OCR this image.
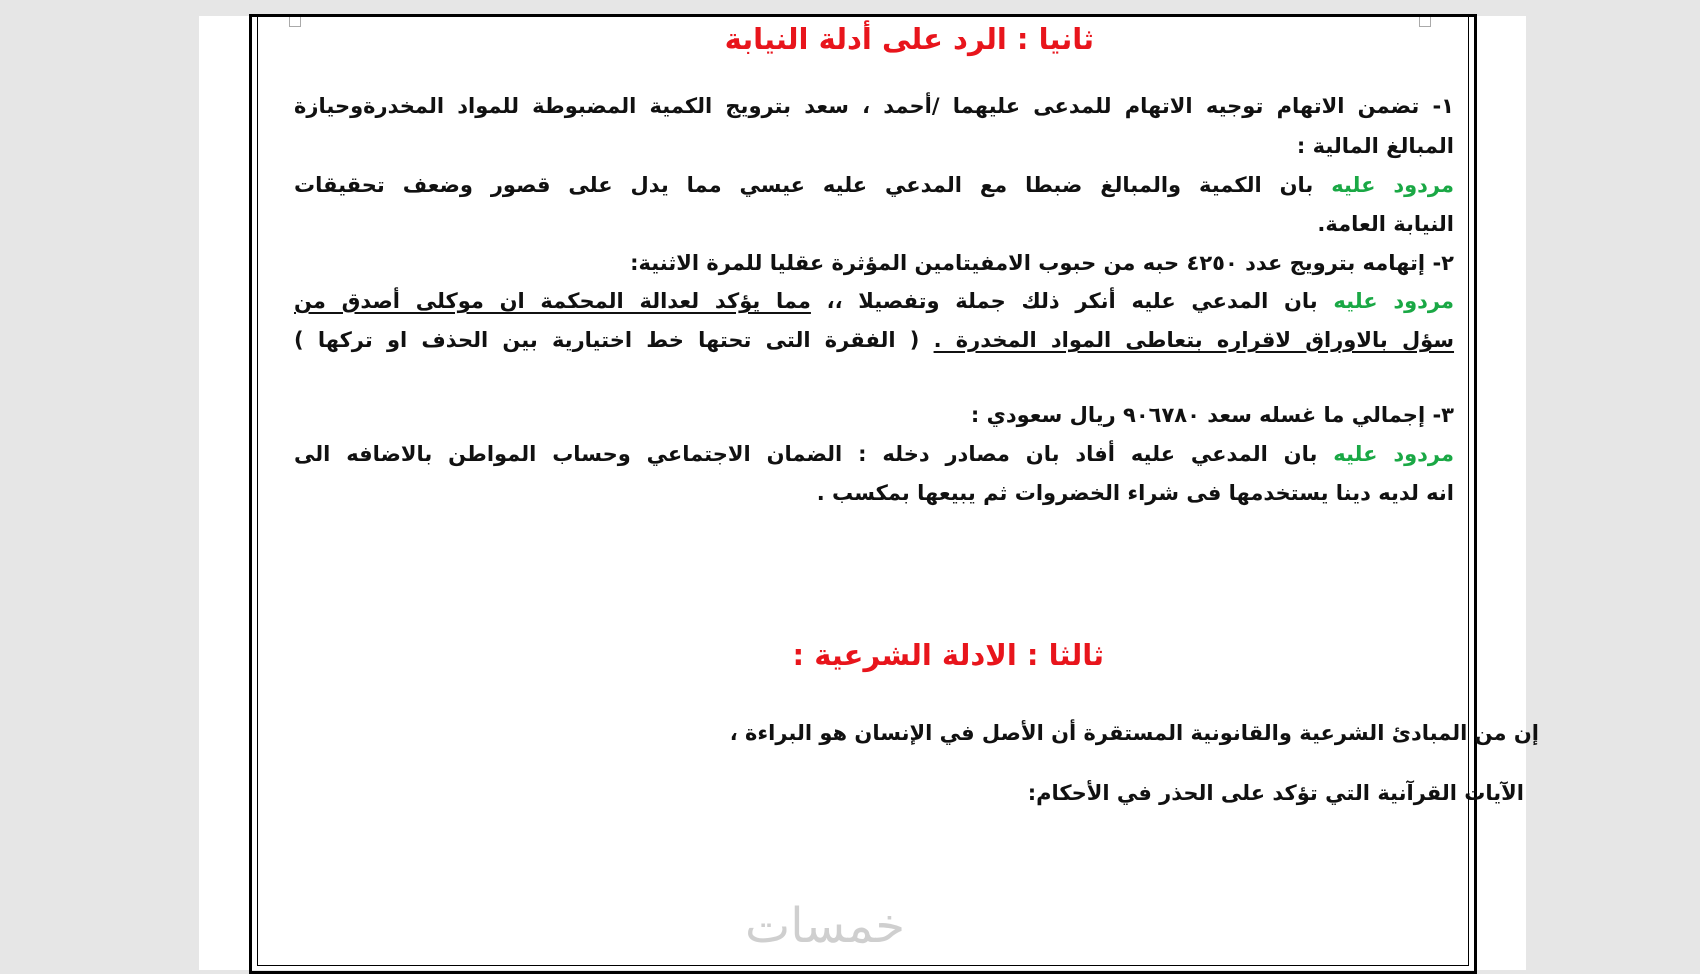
ثانيا : الرد على أدلة النيابة
١- تضمن الاتهام توجيه الاتهام للمدعى عليهما /أحمد ، سعد بترويج الكمية المضبوطة للمواد المخدرةوحيازة
المبالغ المالية :
مردود عليه بان الكمية والمبالغ ضبطا مع المدعي عليه عيسي مما يدل على قصور وضعف تحقيقات
النيابة العامة.
٢- إتهامه بترويج عدد ٤٢٥٠ حبه من حبوب الامفيتامين المؤثرة عقليا للمرة الاثنية:
مردود عليه بان المدعي عليه أنكر ذلك جملة وتفصيلا ،، مما يؤكد لعدالة المحكمة ان موكلى أصدق من
سؤل بالاوراق لاقراره بتعاطى المواد المخدرة . ( الفقرة التى تحتها خط اختيارية بين الحذف او تركها )
٣- إجمالي ما غسله سعد ٩٠٦٧٨٠ ريال سعودي :
مردود عليه بان المدعي عليه أفاد بان مصادر دخله : الضمان الاجتماعي وحساب المواطن بالاضافه الى
انه لديه دينا يستخدمها فى شراء الخضروات ثم يبيعها بمكسب .
ثالثا : الادلة الشرعية :
إن من المبادئ الشرعية والقانونية المستقرة أن الأصل في الإنسان هو البراءة ،
الآيات القرآنية التي تؤكد على الحذر في الأحكام:
خمسات
